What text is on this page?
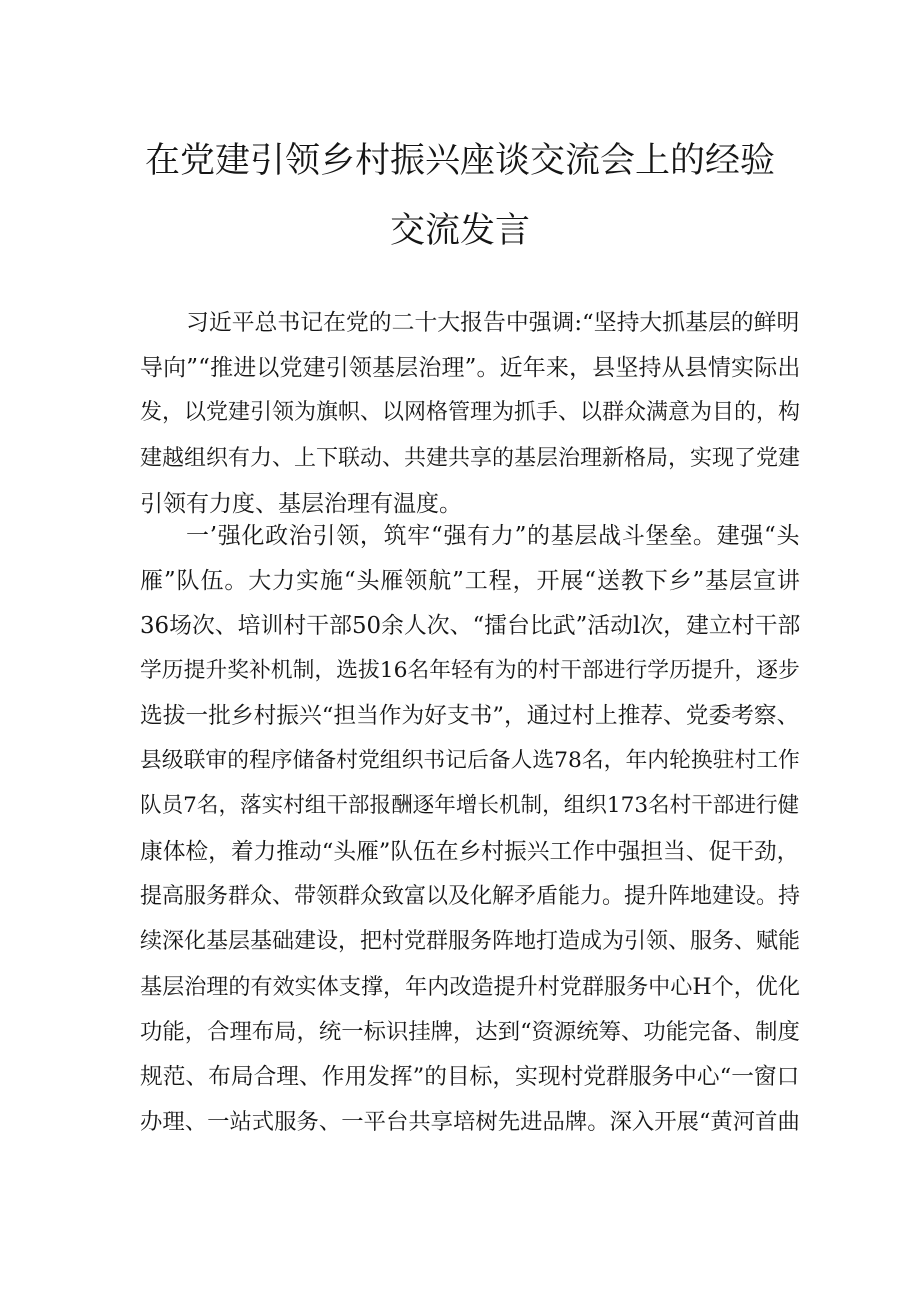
在党建引领乡村振兴座谈交流会上的经验
交流发言
习近平总书记在党的二十大报告中强调:“坚持大抓基层的鲜明
导向”“推进以党建引领基层治理”。近年来，县坚持从县情实际出
发，以党建引领为旗帜、以网格管理为抓手、以群众满意为目的，构
建越组织有力、上下联动、共建共享的基层治理新格局，实现了党建
引领有力度、基层治理有温度。
一’强化政治引领，筑牢“强有力”的基层战斗堡垒。建强“头
雁”队伍。大力实施“头雁领航”工程，开展“送教下乡”基层宣讲
36场次、培训村干部50余人次、“擂台比武”活动l次，建立村干部
学历提升奖补机制，选拔16名年轻有为的村干部进行学历提升，逐步
选拔一批乡村振兴“担当作为好支书”，通过村上推荐、党委考察、
县级联审的程序储备村党组织书记后备人选78名，年内轮换驻村工作
队员7名，落实村组干部报酬逐年增长机制，组织173名村干部进行健
康体检，着力推动“头雁”队伍在乡村振兴工作中强担当、促干劲，
提高服务群众、带领群众致富以及化解矛盾能力。提升阵地建设。持
续深化基层基础建设，把村党群服务阵地打造成为引领、服务、赋能
基层治理的有效实体支撑，年内改造提升村党群服务中心H个，优化
功能，合理布局，统一标识挂牌，达到“资源统筹、功能完备、制度
规范、布局合理、作用发挥”的目标，实现村党群服务中心“一窗口
办理、一站式服务、一平台共享培树先进品牌。深入开展“黄河首曲
